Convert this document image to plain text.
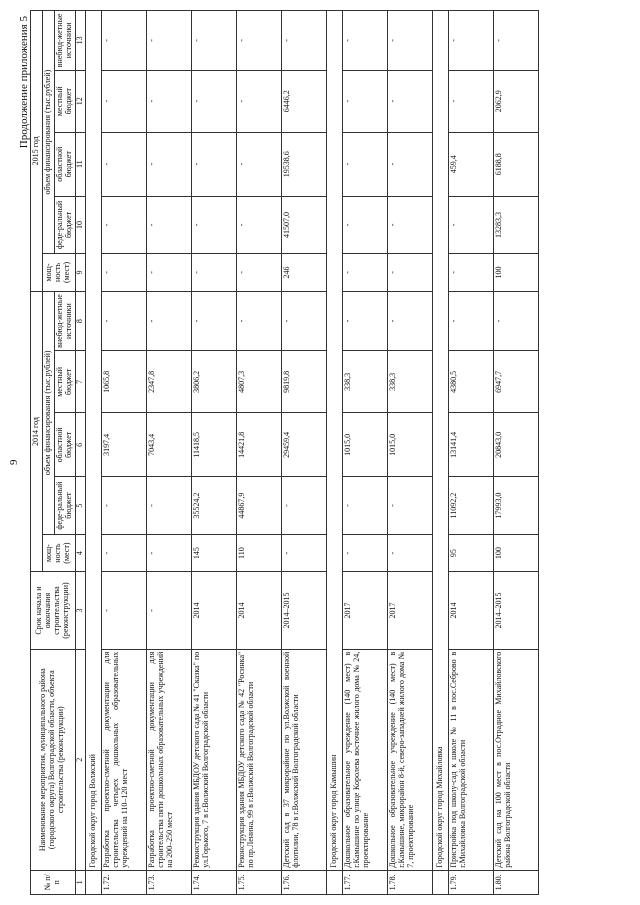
9
Продолжение приложения 5
№ п/п	Наименование мероприятия, муниципального района (городского округа) Волгоградской области, объекта строительства (реконструкции)	Срок начала и окончания строительства (реконструкции)	2014 год					2015 год				
			мощ-ность (мест)	объем финансирования (тыс.рублей)				мощ-ность (мест)	объем финансирования (тыс.рублей)			
				феде-ральный бюджет	областной бюджет	местный бюджет	внебюд-жетные источники		феде-ральный бюджет	областной бюджет	местный бюджет	внебюд-жетные источники
1	2	3	4	5	6	7	8	9	10	11	12	13
	Городской округ город Волжский											
1.72.	Разработка проектно-сметной документации для строительства четырех дошкольных образовательных учреждений на 110–120 мест	-	-	-	3197,4	1065,8	-	-	-	-	-	-
1.73.	Разработка проектно-сметной документации для строительства пяти дошкольных образовательных учреждений на 200–250 мест	-	-	-	7043,4	2347,8	-	-	-	-	-	-
1.74.	Реконструкция здания МБДОУ детского сада № 41 "Сказка" по ул.Горького, 7 в г.Волжский Волгоградской области	2014	145	35524,2	11418,5	3806,2	-	-	-	-	-	-
1.75.	Реконструкция здания МБДОУ детского сада № 42 "Росинка" по пр.Ленина, 99 в г.Волжский Волгоградской области	2014	110	44867,9	14421,8	4807,3	-	-	-	-	-	-
1.76.	Детский сад в 37 микрорайоне по ул.Волжской военной флотилии, 78 в г.Волжский Волгоградской области	2014–2015	-	-	29459,4	9819,8	-	246	41507,0	19538,6	6446,2	-
	Городской округ город Камышин											
1.77.	Дошкольное образовательное учреждение (140 мест) в г.Камышине по улице Королева восточнее жилого дома № 24, проектирование	2017	-	-	1015,0	338,3	-	-	-	-	-	-
1.78.	Дошкольное образовательное учреждение (140 мест) в г.Камышине, микрорайон 8-й, северо-западней жилого дома № 7, проектирование	2017	-	-	1015,0	338,3	-	-	-	-	-	-
	Городской округ город Михайловка											
1.79.	Пристройка под школу-сад к школе № 11 в пос.Себрово в г.Михайловка Волгоградской области	2014	95	11092,2	13141,4	4380,5	-	-	-	459,4	-	-
1.80.	Детский сад на 100 мест в пос.Отрадное Михайловского района Волгоградской области	2014–2015	100	17993,0	20843,0	6947,7	-	100	13283,3	6188,8	2062,9	-
